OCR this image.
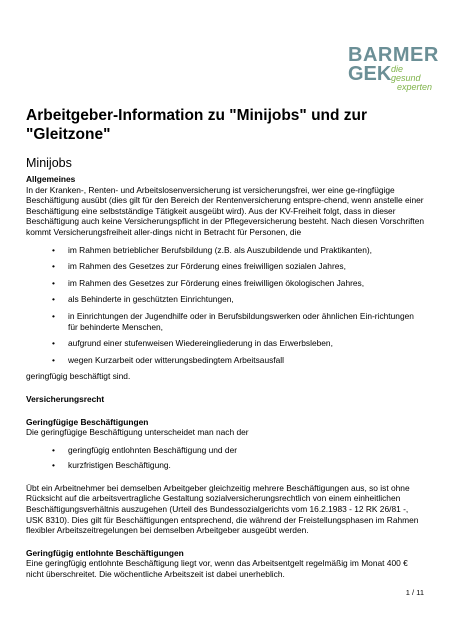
BARMER
GEK die gesund
experten
Arbeitgeber-Information zu "Minijobs" und zur "Gleitzone"
Minijobs

Allgemeines

In der Kranken-, Renten- und Arbeitslosenversicherung ist versicherungsfrei, wer eine ge-ringfügige Beschäftigung ausübt (dies gilt für den Bereich der Rentenversicherung entspre-chend, wenn anstelle einer Beschäftigung eine selbstständige Tätigkeit ausgeübt wird). Aus der KV-Freiheit folgt, dass in dieser Beschäftigung auch keine Versicherungspflicht in der Pflegeversicherung besteht. Nach diesen Vorschriften kommt Versicherungsfreiheit aller-dings nicht in Betracht für Personen, die

• im Rahmen betrieblicher Berufsbildung (z.B. als Auszubildende und Praktikanten),
• im Rahmen des Gesetzes zur Förderung eines freiwilligen sozialen Jahres,
• im Rahmen des Gesetzes zur Förderung eines freiwilligen ökologischen Jahres,
• als Behinderte in geschützten Einrichtungen,
• in Einrichtungen der Jugendhilfe oder in Berufsbildungswerken oder ähnlichen Ein-richtungen für behinderte Menschen,
• aufgrund einer stufenweisen Wiedereingliederung in das Erwerbsleben,
• wegen Kurzarbeit oder witterungsbedingtem Arbeitsausfall

geringfügig beschäftigt sind.

Versicherungsrecht

Geringfügige Beschäftigungen

Die geringfügige Beschäftigung unterscheidet man nach der

• geringfügig entlohnten Beschäftigung und der
• kurzfristigen Beschäftigung.

Übt ein Arbeitnehmer bei demselben Arbeitgeber gleichzeitig mehrere Beschäftigungen aus, so ist ohne Rücksicht auf die arbeitsvertragliche Gestaltung sozialversicherungsrechtlich von einem einheitlichen Beschäftigungsverhältnis auszugehen (Urteil des Bundessozialgerichts vom 16.2.1983 - 12 RK 26/81 -, USK 8310). Dies gilt für Beschäftigungen entsprechend, die während der Freistellungsphasen im Rahmen flexibler Arbeitszeitregelungen bei demselben Arbeitgeber ausgeübt werden.

Geringfügig entlohnte Beschäftigungen

Eine geringfügig entlohnte Beschäftigung liegt vor, wenn das Arbeitsentgelt regelmäßig im Monat 400 € nicht überschreitet. Die wöchentliche Arbeitszeit ist dabei unerheblich.

1 / 11
